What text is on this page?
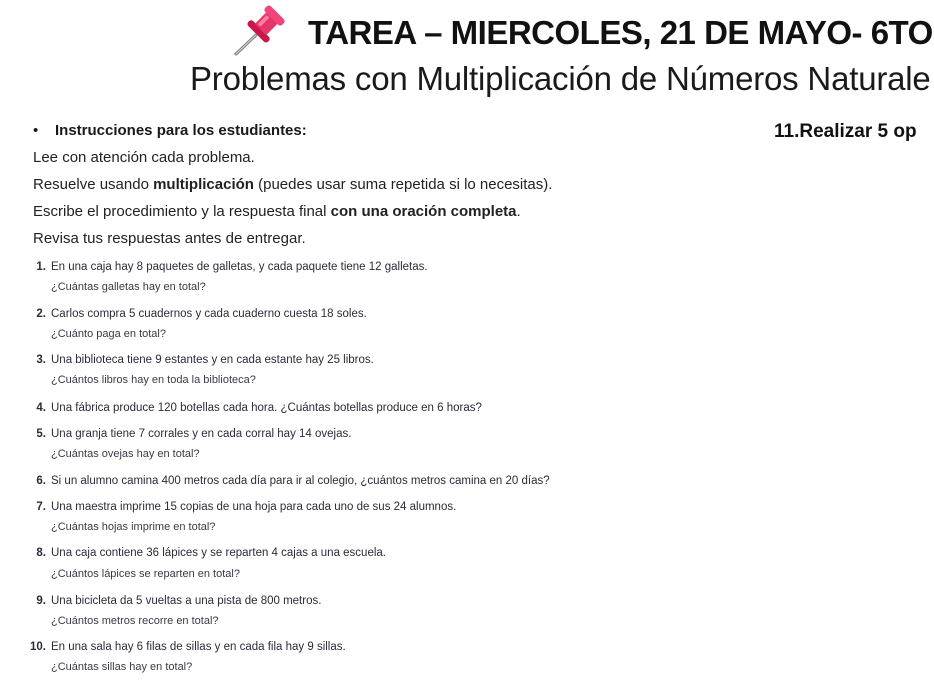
TAREA – MIERCOLES, 21 DE MAYO- 6TO
Problemas con Multiplicación de Números Naturale
11.Realizar 5 op
• Instrucciones para los estudiantes:
Lee con atención cada problema.
Resuelve usando multiplicación (puedes usar suma repetida si lo necesitas).
Escribe el procedimiento y la respuesta final con una oración completa.
Revisa tus respuestas antes de entregar.
1. En una caja hay 8 paquetes de galletas, y cada paquete tiene 12 galletas.
¿Cuántas galletas hay en total?
2. Carlos compra 5 cuadernos y cada cuaderno cuesta 18 soles.
¿Cuánto paga en total?
3. Una biblioteca tiene 9 estantes y en cada estante hay 25 libros.
¿Cuántos libros hay en toda la biblioteca?
4. Una fábrica produce 120 botellas cada hora. ¿Cuántas botellas produce en 6 horas?
5. Una granja tiene 7 corrales y en cada corral hay 14 ovejas.
¿Cuántas ovejas hay en total?
6. Si un alumno camina 400 metros cada día para ir al colegio, ¿cuántos metros camina en 20 días?
7. Una maestra imprime 15 copias de una hoja para cada uno de sus 24 alumnos.
¿Cuántas hojas imprime en total?
8. Una caja contiene 36 lápices y se reparten 4 cajas a una escuela.
¿Cuántos lápices se reparten en total?
9. Una bicicleta da 5 vueltas a una pista de 800 metros.
¿Cuántos metros recorre en total?
10. En una sala hay 6 filas de sillas y en cada fila hay 9 sillas.
¿Cuántas sillas hay en total?
